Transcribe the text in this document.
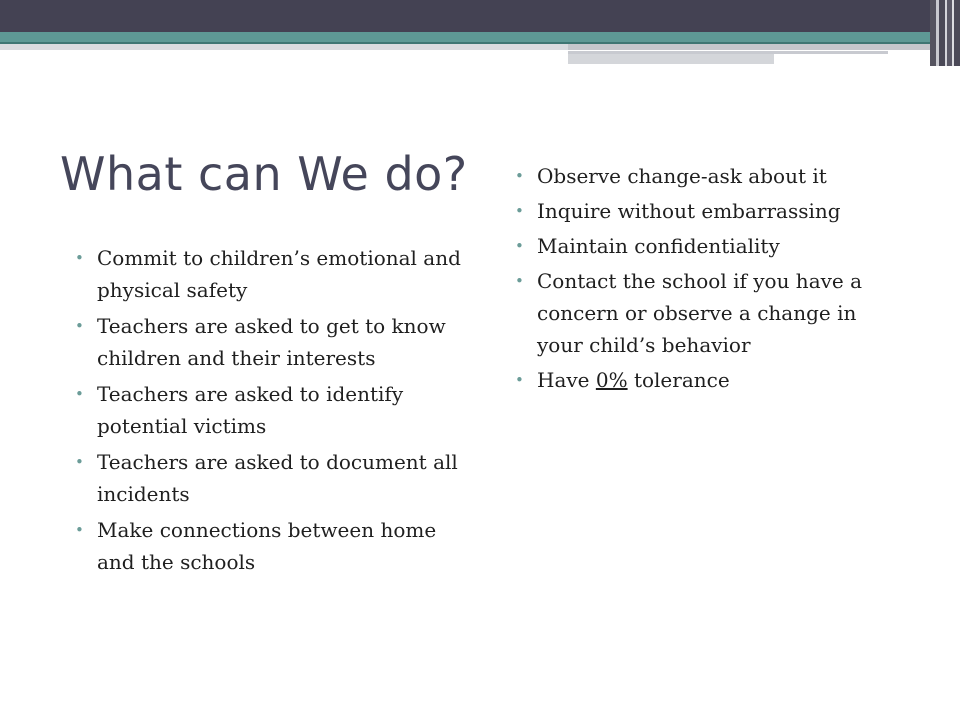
What can We do?
• Commit to children’s emotional and physical safety
• Teachers are asked to get to know children and their interests
• Teachers are asked to identify potential victims
• Teachers are asked to document all incidents
• Make connections between home and the schools
• Observe change-ask about it
• Inquire without embarrassing
• Maintain confidentiality
• Contact the school if you have a concern or observe a change in your child’s behavior
• Have 0% tolerance
